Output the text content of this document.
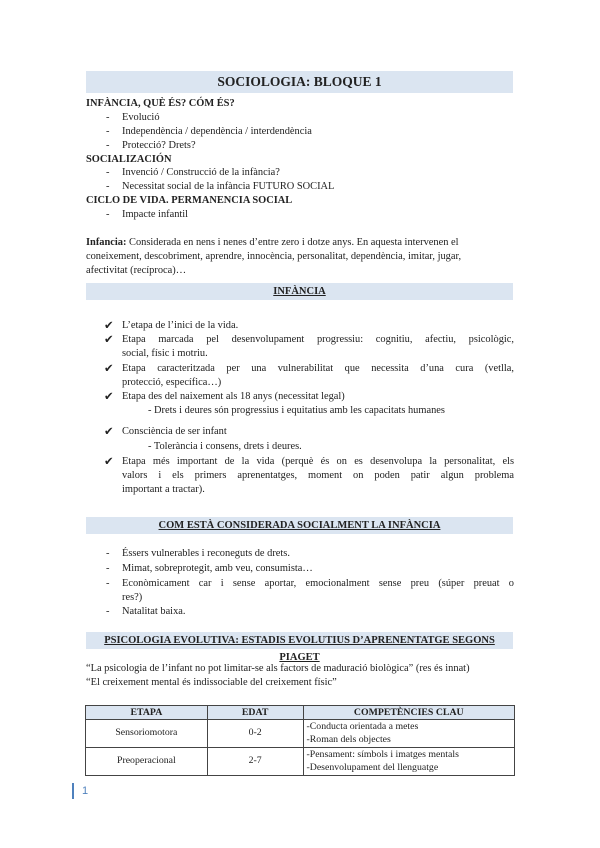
SOCIOLOGIA: BLOQUE 1
INFÀNCIA, QUÈ ÉS? CÓM ÉS?
- Evolució
- Independència / dependència / interdendència
- Protecció? Drets?
SOCIALIZACIÓN
- Invenció / Construcció de la infància?
- Necessitat social de la infància FUTURO SOCIAL
CICLO DE VIDA. PERMANENCIA SOCIAL
- Impacte infantil
Infancia: Considerada en nens i nenes d’entre zero i dotze anys. En aquesta intervenen el
coneixement, descobriment, aprendre, innocència, personalitat, dependència, imitar, jugar,
afectivitat (recíproca)…
INFÀNCIA
✔ L’etapa de l’inici de la vida.
✔ Etapa marcada pel desenvolupament progressiu: cognitiu, afectiu, psicològic,
social, físic i motriu.
✔ Etapa caracteritzada per una vulnerabilitat que necessita d’una cura (vetlla,
protecció, específica…)
✔ Etapa des del naixement als 18 anys (necessitat legal)
- Drets i deures són progressius i equitatius amb les capacitats humanes
✔ Consciència de ser infant
- Tolerància i consens, drets i deures.
✔ Etapa més important de la vida (perquè és on es desenvolupa la personalitat, els
valors i els primers aprenentatges, moment on poden patir algun problema
important a tractar).
COM ESTÀ CONSIDERADA SOCIALMENT LA INFÀNCIA
- Éssers vulnerables i reconeguts de drets.
- Mimat, sobreprotegit, amb veu, consumista…
- Econòmicament car i sense aportar, emocionalment sense preu (súper preuat o
res?)
- Natalitat baixa.
PSICOLOGIA EVOLUTIVA: ESTADIS EVOLUTIUS D’APRENENTATGE SEGONS PIAGET
“La psicologia de l’infant no pot limitar-se als factors de maduració biològica” (res és innat)
“El creixement mental és indissociable del creixement físic”
ETAPA	EDAT	COMPETÈNCIES CLAU
Sensoriomotora	0-2	-Conducta orientada a metes
-Roman dels objectes

Preoperacional	2-7	-Pensament: símbols i imatges mentals
-Desenvolupament del llenguatge
1
